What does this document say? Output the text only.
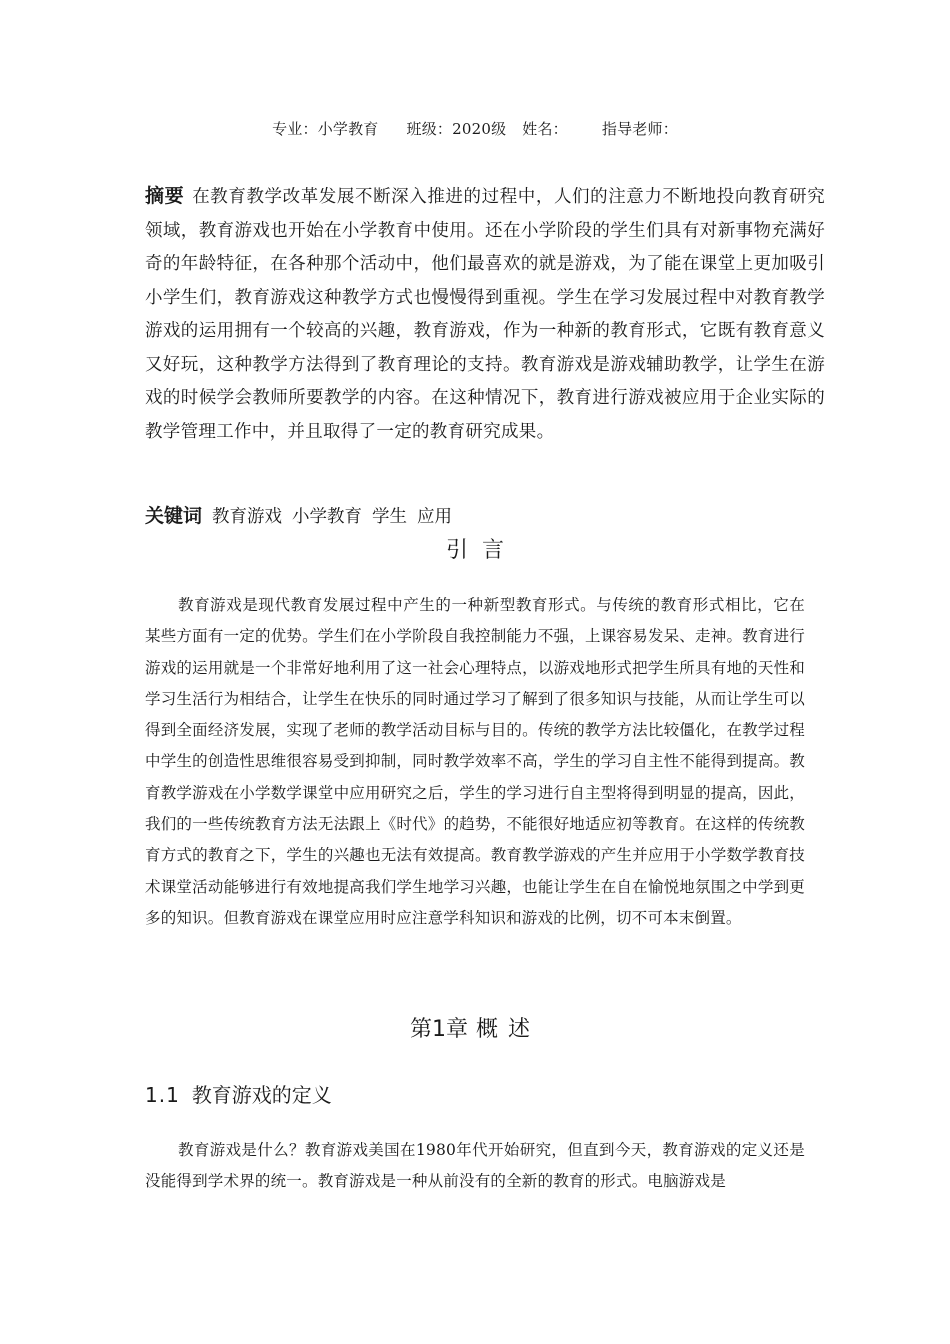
专业：小学教育 班级：2020级 姓名： 指导老师：
摘要 在教育教学改革发展不断深入推进的过程中，人们的注意力不断地投向教育研究领域，教育游戏也开始在小学教育中使用。还在小学阶段的学生们具有对新事物充满好奇的年龄特征，在各种那个活动中，他们最喜欢的就是游戏，为了能在课堂上更加吸引小学生们，教育游戏这种教学方式也慢慢得到重视。学生在学习发展过程中对教育教学游戏的运用拥有一个较高的兴趣，教育游戏，作为一种新的教育形式，它既有教育意义又好玩，这种教学方法得到了教育理论的支持。教育游戏是游戏辅助教学，让学生在游戏的时候学会教师所要教学的内容。在这种情况下，教育进行游戏被应用于企业实际的教学管理工作中，并且取得了一定的教育研究成果。
关键词 教育游戏 小学教育 学生 应用
引言
教育游戏是现代教育发展过程中产生的一种新型教育形式。与传统的教育形式相比，它在某些方面有一定的优势。学生们在小学阶段自我控制能力不强，上课容易发呆、走神。教育进行游戏的运用就是一个非常好地利用了这一社会心理特点，以游戏地形式把学生所具有地的天性和学习生活行为相结合，让学生在快乐的同时通过学习了解到了很多知识与技能，从而让学生可以得到全面经济发展，实现了老师的教学活动目标与目的。传统的教学方法比较僵化，在教学过程中学生的创造性思维很容易受到抑制，同时教学效率不高，学生的学习自主性不能得到提高。教育教学游戏在小学数学课堂中应用研究之后，学生的学习进行自主型将得到明显的提高，因此，我们的一些传统教育方法无法跟上《时代》的趋势，不能很好地适应初等教育。在这样的传统教育方式的教育之下，学生的兴趣也无法有效提高。教育教学游戏的产生并应用于小学数学教育技术课堂活动能够进行有效地提高我们学生地学习兴趣，也能让学生在自在愉悦地氛围之中学到更多的知识。但教育游戏在课堂应用时应注意学科知识和游戏的比例，切不可本末倒置。
第1章 概述
1.1 教育游戏的定义
教育游戏是什么？教育游戏美国在1980年代开始研究，但直到今天，教育游戏的定义还是没能得到学术界的统一。教育游戏是一种从前没有的全新的教育的形式。电脑游戏是
